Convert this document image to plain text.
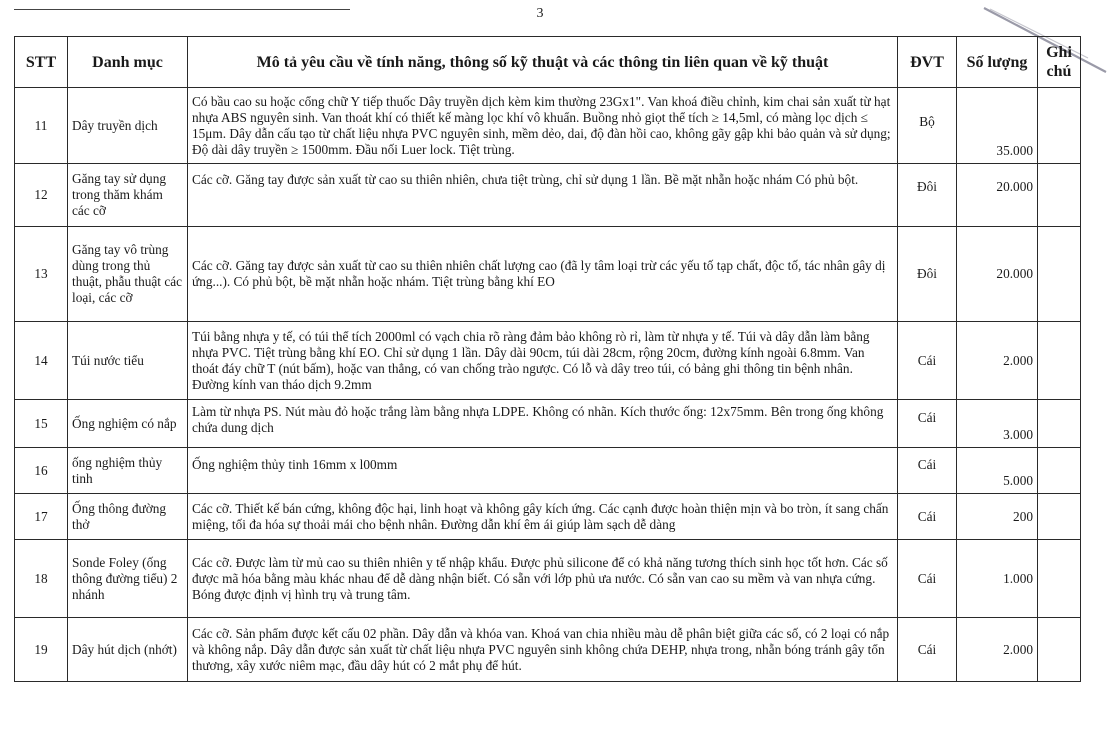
3
STT	Danh mục	Mô tả yêu cầu về tính năng, thông số kỹ thuật và các thông tin liên quan về kỹ thuật	ĐVT	Số lượng	Ghi chú
11	Dây truyền dịch	Có bầu cao su hoặc cổng chữ Y tiếp thuốc Dây truyền dịch kèm kim thường 23Gx1". Van khoá điều chỉnh, kim chai sản xuất từ hạt nhựa ABS nguyên sinh. Van thoát khí có thiết kế màng lọc khí vô khuẩn. Buồng nhỏ giọt thể tích ≥ 14,5ml, có màng lọc dịch ≤ 15μm. Dây dẫn cấu tạo từ chất liệu nhựa PVC nguyên sinh, mềm dẻo, dai, độ đàn hồi cao, không gãy gập khi bảo quản và sử dụng; Độ dài dây truyền ≥ 1500mm. Đầu nối Luer lock. Tiệt trùng.	Bộ	35.000	
12	Găng tay sử dụng trong thăm khám các cỡ	Các cỡ. Găng tay được sản xuất từ cao su thiên nhiên, chưa tiệt trùng, chỉ sử dụng 1 lần. Bề mặt nhẵn hoặc nhám Có phủ bột.	Đôi	20.000	
13	Găng tay vô trùng dùng trong thủ thuật, phẫu thuật các loại, các cỡ	Các cỡ. Găng tay được sản xuất từ cao su thiên nhiên chất lượng cao (đã ly tâm loại trừ các yếu tố tạp chất, độc tố, tác nhân gây dị ứng...). Có phủ bột, bề mặt nhẵn hoặc nhám. Tiệt trùng bằng khí EO	Đôi	20.000	
14	Túi nước tiểu	Túi bằng nhựa y tế, có túi thể tích 2000ml có vạch chia rõ ràng đảm bảo không rò rỉ, làm từ nhựa y tế. Túi và dây dẫn làm bằng nhựa PVC. Tiệt trùng bằng khí EO. Chỉ sử dụng 1 lần. Dây dài 90cm, túi dài 28cm, rộng 20cm, đường kính ngoài 6.8mm. Van thoát đáy chữ T (nút bấm), hoặc van thẳng, có van chống trào ngược. Có lỗ và dây treo túi, có bảng ghi thông tin bệnh nhân. Đường kính van tháo dịch 9.2mm	Cái	2.000	
15	Ống nghiệm có nắp	Làm từ nhựa PS. Nút màu đỏ hoặc trắng làm bằng nhựa LDPE. Không có nhãn. Kích thước ống: 12x75mm. Bên trong ống không chứa dung dịch	Cái	3.000	
16	ống nghiệm thủy tinh	Ống nghiệm thủy tinh 16mm x l00mm	Cái	5.000	
17	Ống thông đường thở	Các cỡ. Thiết kế bán cứng, không độc hại, linh hoạt và không gây kích ứng. Các cạnh được hoàn thiện mịn và bo tròn, ít sang chấn miệng, tối đa hóa sự thoải mái cho bệnh nhân. Đường dẫn khí êm ái giúp làm sạch dễ dàng	Cái	200	
18	Sonde Foley (ống thông đường tiểu) 2 nhánh	Các cỡ. Được làm từ mủ cao su thiên nhiên y tế nhập khẩu. Được phủ silicone để có khả năng tương thích sinh học tốt hơn. Các số được mã hóa bằng màu khác nhau để dễ dàng nhận biết. Có sẵn với lớp phủ ưa nước. Có sẵn van cao su mềm và van nhựa cứng. Bóng được định vị hình trụ và trung tâm.	Cái	1.000	
19	Dây hút dịch (nhớt)	Các cỡ. Sản phẩm được kết cấu 02 phần. Dây dẫn và khóa van. Khoá van chia nhiều màu dễ phân biệt giữa các số, có 2 loại có nắp và không nắp. Dây dẫn được sản xuất từ chất liệu nhựa PVC nguyên sinh không chứa DEHP, nhựa trong, nhẵn bóng tránh gây tổn thương, xây xước niêm mạc, đầu dây hút có 2 mắt phụ để hút.	Cái	2.000	
